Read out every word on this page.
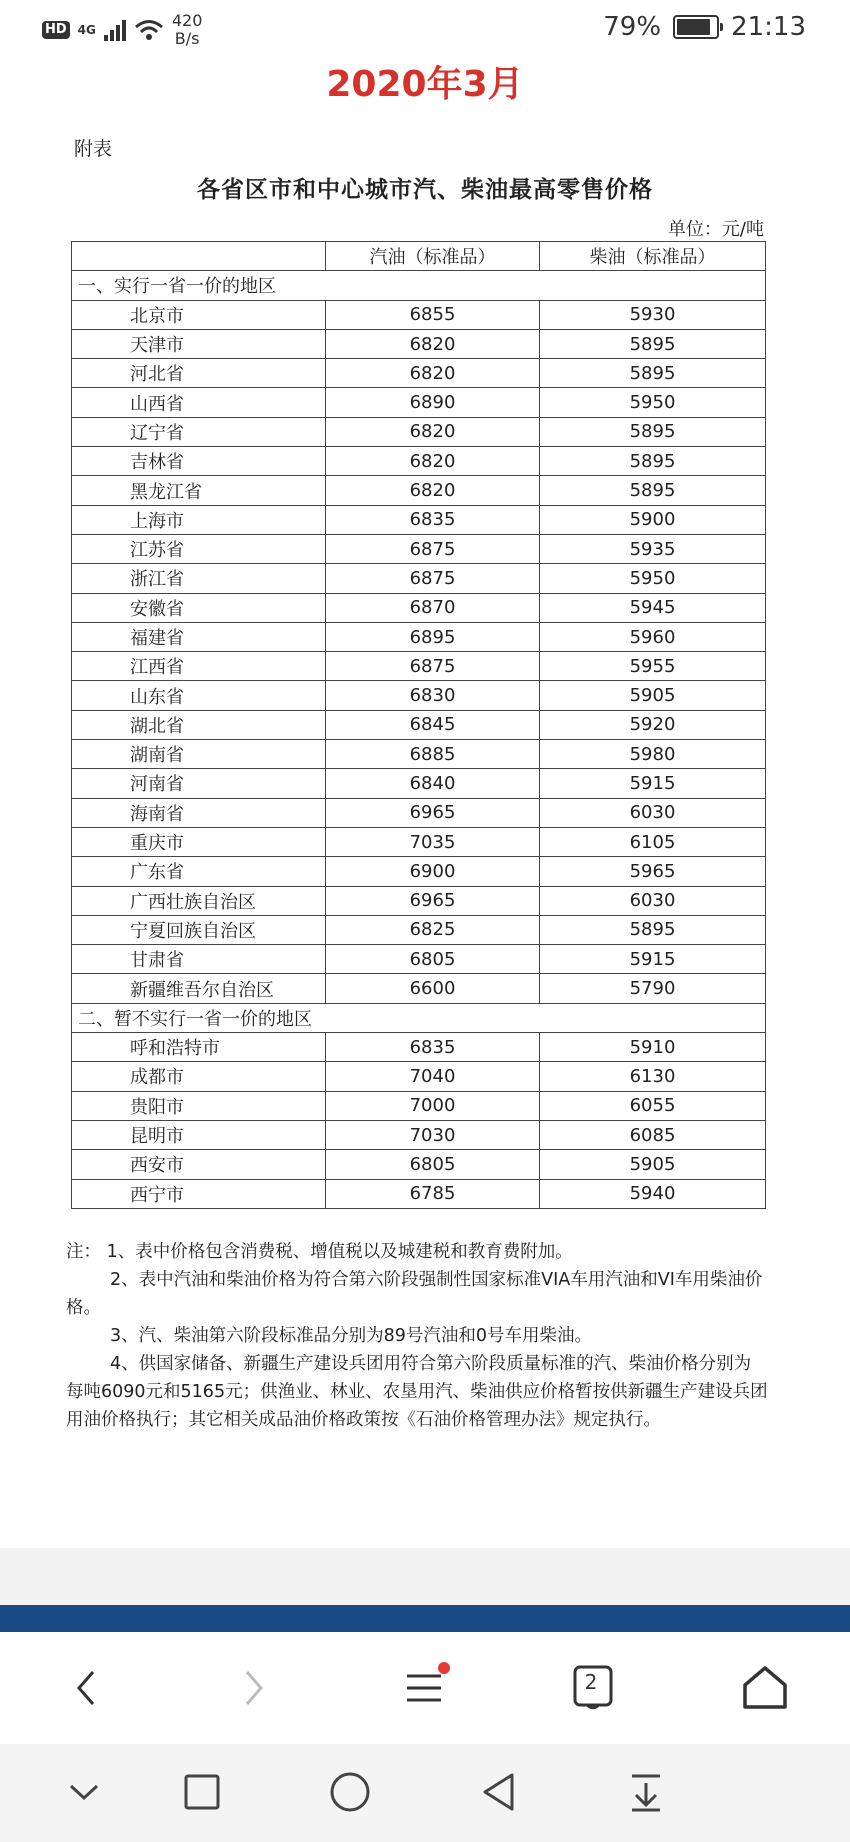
HD 4G	420
B/s	79%	21:13
2020年3月
附表
各省区市和中心城市汽、柴油最高零售价格
单位：元/吨
	汽油（标准品）	柴油（标准品）
一、实行一省一价的地区		
北京市	6855	5930
天津市	6820	5895
河北省	6820	5895
山西省	6890	5950
辽宁省	6820	5895
吉林省	6820	5895
黑龙江省	6820	5895
上海市	6835	5900
江苏省	6875	5935
浙江省	6875	5950
安徽省	6870	5945
福建省	6895	5960
江西省	6875	5955
山东省	6830	5905
湖北省	6845	5920
湖南省	6885	5980
河南省	6840	5915
海南省	6965	6030
重庆市	7035	6105
广东省	6900	5965
广西壮族自治区	6965	6030
宁夏回族自治区	6825	5895
甘肃省	6805	5915
新疆维吾尔自治区	6600	5790
二、暂不实行一省一价的地区		
呼和浩特市	6835	5910
成都市	7040	6130
贵阳市	7000	6055
昆明市	7030	6085
西安市	6805	5905
西宁市	6785	5940

注： 1、表中价格包含消费税、增值税以及城建税和教育费附加。

2、表中汽油和柴油价格为符合第六阶段强制性国家标准VIA车用汽油和VI车用柴油价格。

3、汽、柴油第六阶段标准品分别为89号汽油和0号车用柴油。

4、供国家储备、新疆生产建设兵团用符合第六阶段质量标准的汽、柴油价格分别为每吨6090元和5165元；供渔业、林业、农垦用汽、柴油供应价格暂按供新疆生产建设兵团用油价格执行；其它相关成品油价格政策按《石油价格管理办法》规定执行。

2
